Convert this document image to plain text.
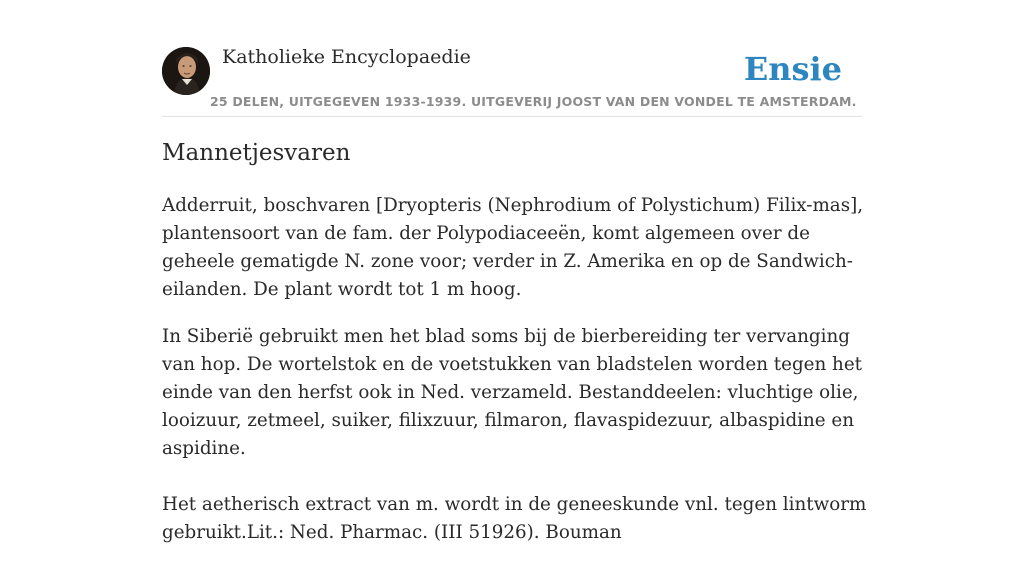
Katholieke Encyclopaedie
25 DELEN, UITGEGEVEN 1933-1939. UITGEVERIJ JOOST VAN DEN VONDEL TE AMSTERDAM.
Ensie
Mannetjesvaren

Adderruit, boschvaren [Dryopteris (Nephrodium of Polystichum) Filix-mas], plantensoort van de fam. der Polypodiaceeën, komt algemeen over de geheele gematigde N. zone voor; verder in Z. Amerika en op de Sandwich-eilanden. De plant wordt tot 1 m hoog.

In Siberië gebruikt men het blad soms bij de bierbereiding ter vervanging van hop. De wortelstok en de voetstukken van bladstelen worden tegen het einde van den herfst ook in Ned. verzameld. Bestanddeelen: vluchtige olie, looizuur, zetmeel, suiker, filixzuur, filmaron, flavaspidezuur, albaspidine en aspidine.

Het aetherisch extract van m. wordt in de geneeskunde vnl. tegen lintworm gebruikt.Lit.: Ned. Pharmac. (III 51926). Bouman
